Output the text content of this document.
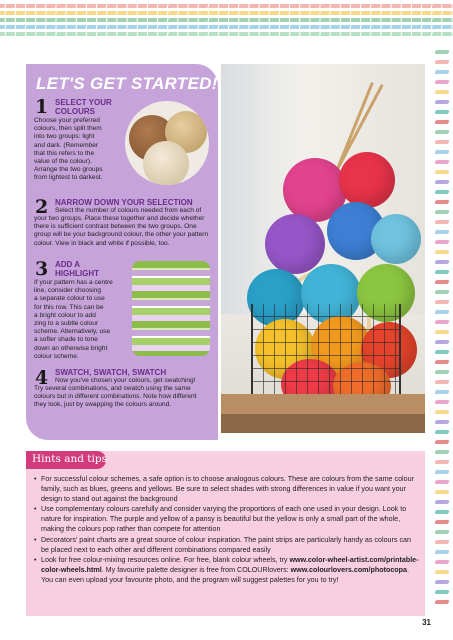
LET'S GET STARTED!
1 SELECT YOUR
COLOURS
Choose your preferred
colours, then split them
into two groups: light
and dark. (Remember
that this refers to the
value of the colour).
Arrange the two groups
from lightest to darkest.
2 NARROW DOWN YOUR SELECTION
Select the number of colours needed from each of
your two groups. Place these together and decide whether
there is sufficient contrast between the two groups. One
group will be your background colour, the other your pattern
colour. View in black and white if possible, too.
3 ADD A
HIGHLIGHT
If your pattern has a centre
line, consider choosing
a separate colour to use
for this row. This can be
a bright colour to add
zing to a subtle colour
scheme. Alternatively, use
a softer shade to tone
down an otherwise bright
colour scheme.
4 SWATCH, SWATCH, SWATCH
Now you've chosen your colours, get swatching!
Try several combinations, and swatch using the same
colours but in different combinations. Note how different
they look, just by swapping the colours around.
Hints and tips
• For successful colour schemes, a safe option is to choose analogous colours. These are colours from the same colour family, such as blues, greens and yellows. Be sure to select shades with strong differences in value if you want your design to stand out against the background
• Use complementary colours carefully and consider varying the proportions of each one used in your design. Look to nature for inspiration. The purple and yellow of a pansy is beautiful but the yellow is only a small part of the whole, making the colours pop rather than compete for attention
• Decorators' paint charts are a great source of colour inspiration. The paint strips are particularly handy as colours can be placed next to each other and different combinations compared easily
• Look for free colour-mixing resources online. For free, blank colour wheels, try www.color-wheel-artist.com/printable-color-wheels.html. My favourite palette designer is free from COLOURlovers: www.colourlovers.com/photocopa. You can even upload your favourite photo, and the program will suggest palettes for you to try!
31
